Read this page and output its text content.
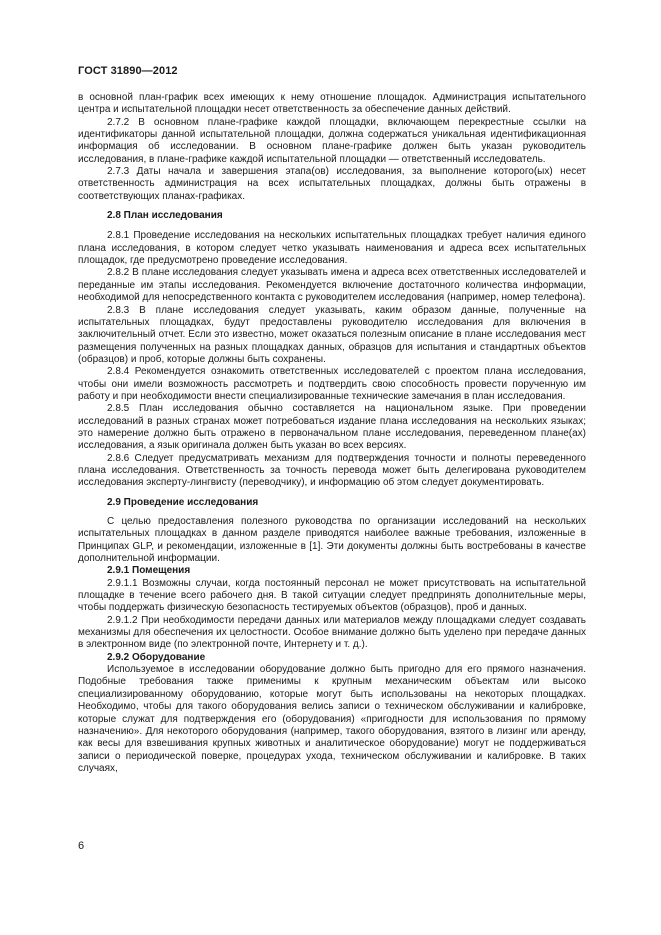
ГОСТ 31890—2012

в основной план-график всех имеющих к нему отношение площадок. Администрация испытательного центра и испытательной площадки несет ответственность за обеспечение данных действий.

2.7.2 В основном плане-графике каждой площадки, включающем перекрестные ссылки на идентификаторы данной испытательной площадки, должна содержаться уникальная идентификационная информация об исследовании. В основном плане-графике должен быть указан руководитель исследования, в плане-графике каждой испытательной площадки — ответственный исследователь.

2.7.3 Даты начала и завершения этапа(ов) исследования, за выполнение которого(ых) несет ответственность администрация на всех испытательных площадках, должны быть отражены в соответствующих планах-графиках.

2.8 План исследования

2.8.1 Проведение исследования на нескольких испытательных площадках требует наличия единого плана исследования, в котором следует четко указывать наименования и адреса всех испытательных площадок, где предусмотрено проведение исследования.

2.8.2 В плане исследования следует указывать имена и адреса всех ответственных исследователей и переданные им этапы исследования. Рекомендуется включение достаточного количества информации, необходимой для непосредственного контакта с руководителем исследования (например, номер телефона).

2.8.3 В плане исследования следует указывать, каким образом данные, полученные на испытательных площадках, будут предоставлены руководителю исследования для включения в заключительный отчет. Если это известно, может оказаться полезным описание в плане исследования мест размещения полученных на разных площадках данных, образцов для испытания и стандартных объектов (образцов) и проб, которые должны быть сохранены.

2.8.4 Рекомендуется ознакомить ответственных исследователей с проектом плана исследования, чтобы они имели возможность рассмотреть и подтвердить свою способность провести порученную им работу и при необходимости внести специализированные технические замечания в план исследования.

2.8.5 План исследования обычно составляется на национальном языке. При проведении исследований в разных странах может потребоваться издание плана исследования на нескольких языках; это намерение должно быть отражено в первоначальном плане исследования, переведенном плане(ах) исследования, а язык оригинала должен быть указан во всех версиях.

2.8.6 Следует предусматривать механизм для подтверждения точности и полноты переведенного плана исследования. Ответственность за точность перевода может быть делегирована руководителем исследования эксперту-лингвисту (переводчику), и информацию об этом следует документировать.

2.9 Проведение исследования

С целью предоставления полезного руководства по организации исследований на нескольких испытательных площадках в данном разделе приводятся наиболее важные требования, изложенные в Принципах GLP, и рекомендации, изложенные в [1]. Эти документы должны быть востребованы в качестве дополнительной информации.

2.9.1 Помещения

2.9.1.1 Возможны случаи, когда постоянный персонал не может присутствовать на испытательной площадке в течение всего рабочего дня. В такой ситуации следует предпринять дополнительные меры, чтобы поддержать физическую безопасность тестируемых объектов (образцов), проб и данных.

2.9.1.2 При необходимости передачи данных или материалов между площадками следует создавать механизмы для обеспечения их целостности. Особое внимание должно быть уделено при передаче данных в электронном виде (по электронной почте, Интернету и т. д.).

2.9.2 Оборудование

Используемое в исследовании оборудование должно быть пригодно для его прямого назначения. Подобные требования также применимы к крупным механическим объектам или высоко специализированному оборудованию, которые могут быть использованы на некоторых площадках. Необходимо, чтобы для такого оборудования велись записи о техническом обслуживании и калибровке, которые служат для подтверждения его (оборудования) «пригодности для использования по прямому назначению». Для некоторого оборудования (например, такого оборудования, взятого в лизинг или аренду, как весы для взвешивания крупных животных и аналитическое оборудование) могут не поддерживаться записи о периодической поверке, процедурах ухода, техническом обслуживании и калибровке. В таких случаях,

6
